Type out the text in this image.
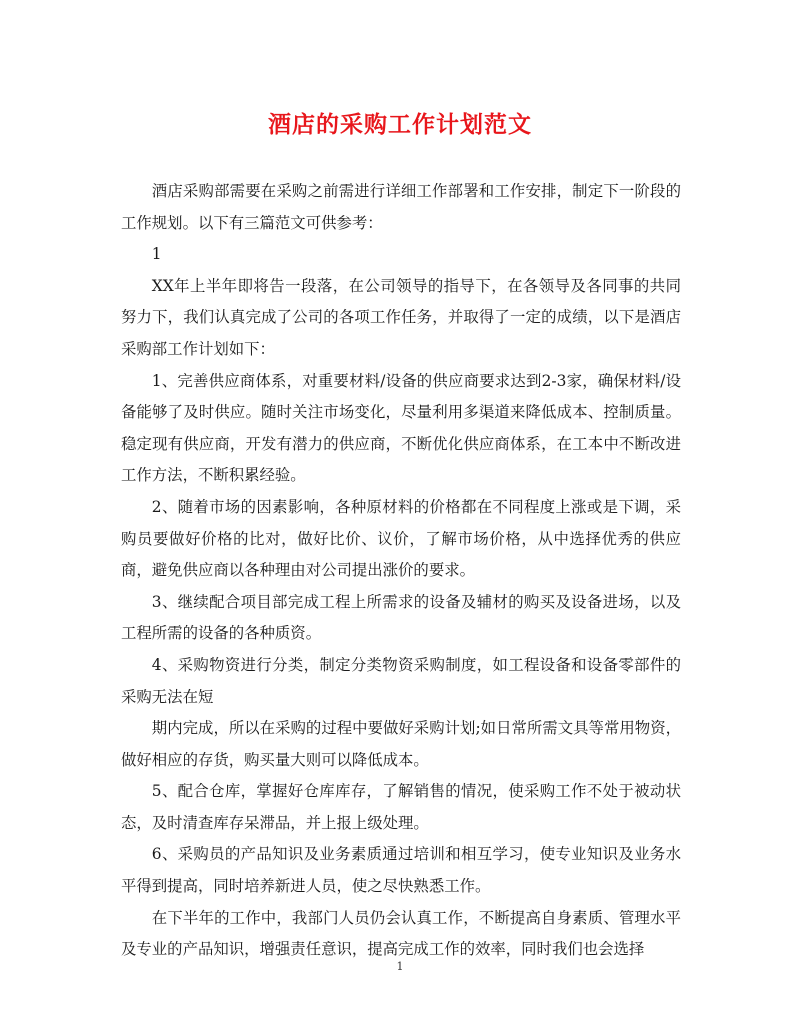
酒店的采购工作计划范文

酒店采购部需要在采购之前需进行详细工作部署和工作安排，制定下一阶段的工作规划。以下有三篇范文可供参考：

1

XX年上半年即将告一段落，在公司领导的指导下，在各领导及各同事的共同努力下，我们认真完成了公司的各项工作任务，并取得了一定的成绩，以下是酒店采购部工作计划如下：

1、完善供应商体系，对重要材料/设备的供应商要求达到2-3家，确保材料/设备能够了及时供应。随时关注市场变化，尽量利用多渠道来降低成本、控制质量。稳定现有供应商，开发有潜力的供应商，不断优化供应商体系，在工本中不断改进工作方法，不断积累经验。

2、随着市场的因素影响，各种原材料的价格都在不同程度上涨或是下调，采购员要做好价格的比对，做好比价、议价，了解市场价格，从中选择优秀的供应商，避免供应商以各种理由对公司提出涨价的要求。

3、继续配合项目部完成工程上所需求的设备及辅材的购买及设备进场，以及工程所需的设备的各种质资。

4、采购物资进行分类，制定分类物资采购制度，如工程设备和设备零部件的采购无法在短

期内完成，所以在采购的过程中要做好采购计划;如日常所需文具等常用物资，做好相应的存货，购买量大则可以降低成本。

5、配合仓库，掌握好仓库库存，了解销售的情况，使采购工作不处于被动状态，及时清查库存呆滞品，并上报上级处理。

6、采购员的产品知识及业务素质通过培训和相互学习，使专业知识及业务水平得到提高，同时培养新进人员，使之尽快熟悉工作。

在下半年的工作中，我部门人员仍会认真工作，不断提高自身素质、管理水平及专业的产品知识，增强责任意识，提高完成工作的效率，同时我们也会选择

1
